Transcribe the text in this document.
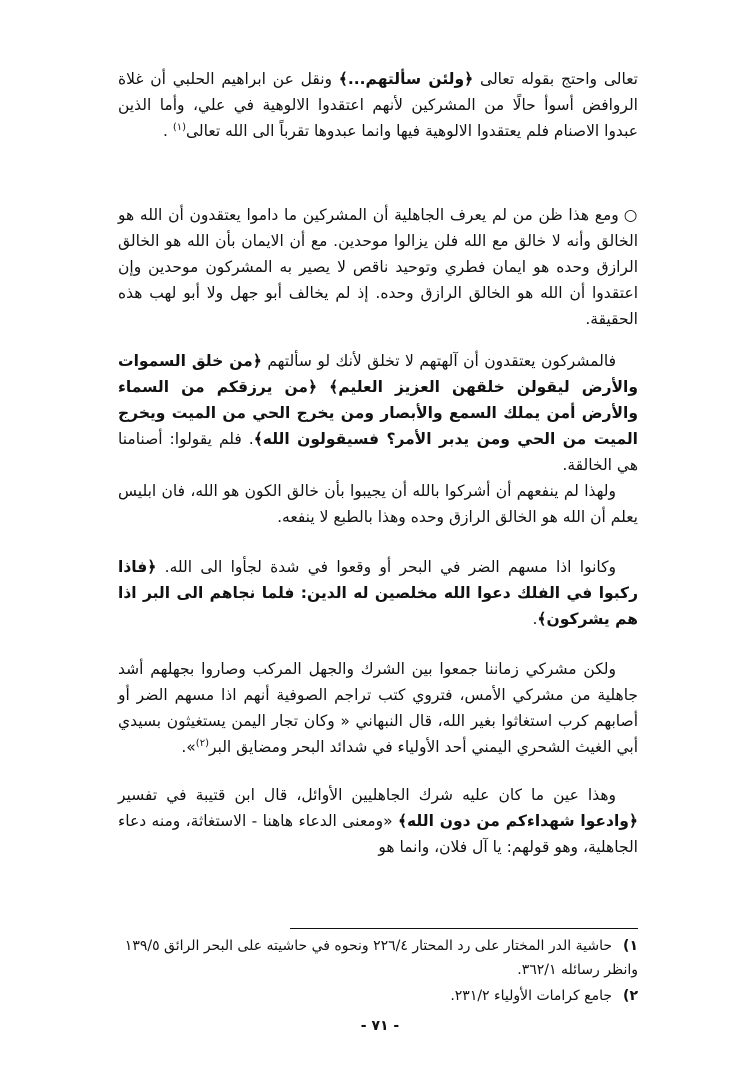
تعالى واحتج بقوله تعالى ﴿ولئن سألتهم...﴾ ونقل عن ابراهيم الحلبي أن غلاة الروافض أسوأ حالًا من المشركين لأنهم اعتقدوا الالوهية في علي، وأما الذين عبدوا الاصنام فلم يعتقدوا الالوهية فيها وانما عبدوها تقرباً الى الله تعالى$^{(١)}$ .
○ ومع هذا ظن من لم يعرف الجاهلية أن المشركين ما داموا يعتقدون أن الله هو الخالق وأنه لا خالق مع الله فلن يزالوا موحدين. مع أن الايمان بأن الله هو الخالق الرازق وحده هو ايمان فطري وتوحيد ناقص لا يصير به المشركون موحدين وإن اعتقدوا أن الله هو الخالق الرازق وحده. إذ لم يخالف أبو جهل ولا أبو لهب هذه الحقيقة.
فالمشركون يعتقدون أن آلهتهم لا تخلق لأنك لو سألتهم ﴿من خلق السموات والأرض ليقولن خلقهن العزيز العليم﴾ ﴿من يرزقكم من السماء والأرض أمن يملك السمع والأبصار ومن يخرج الحي من الميت ويخرج الميت من الحي ومن يدبر الأمر؟ فسيقولون الله﴾. فلم يقولوا: أصنامنا هي الخالقة.
ولهذا لم ينفعهم أن أشركوا بالله أن يجيبوا بأن خالق الكون هو الله، فان ابليس يعلم أن الله هو الخالق الرازق وحده وهذا بالطبع لا ينفعه.
وكانوا اذا مسهم الضر في البحر أو وقعوا في شدة لجأوا الى الله. ﴿فاذا ركبوا في الفلك دعوا الله مخلصين له الدين: فلما نجاهم الى البر اذا هم يشركون﴾.
ولكن مشركي زماننا جمعوا بين الشرك والجهل المركب وصاروا بجهلهم أشد جاهلية من مشركي الأمس، فتروي كتب تراجم الصوفية أنهم اذا مسهم الضر أو أصابهم كرب استغاثوا بغير الله، قال النبهاني « وكان تجار اليمن يستغيثون بسيدي أبي الغيث الشحري اليمني أحد الأولياء في شدائد البحر ومضايق البر$^{(٢)}$».
وهذا عين ما كان عليه شرك الجاهليين الأوائل، قال ابن قتيبة في تفسير ﴿وادعوا شهداءكم من دون الله﴾ «ومعنى الدعاء هاهنا - الاستغاثة، ومنه دعاء الجاهلية، وهو قولهم: يا آل فلان، وانما هو
١)حاشية الدر المختار على رد المحتار ٢٢٦/٤ ونحوه في حاشيته على البحر الرائق ١٣٩/٥ وانظر رسائله ٣٦٢/١.
٢)جامع كرامات الأولياء ٢٣١/٢.
- ٧١ -
